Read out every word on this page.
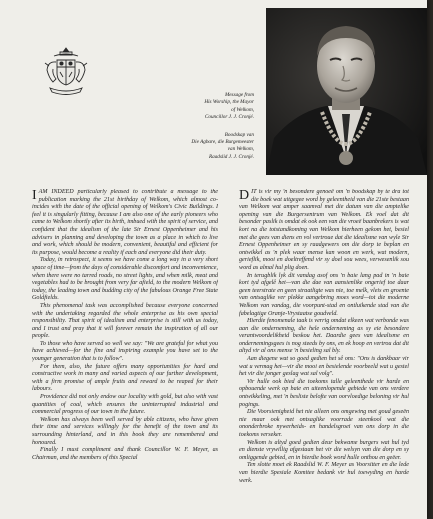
Message from

His Worship, the Mayor

of Welkom,

Councillor J. J. Cronjé.

Boodskap van

Die Agbare, die Burgemeester

van Welkom,

Raadslid J. J. Cronjé.

IAM INDEED particularly pleased to contribute a message to the publication marking the 21st birthday of Welkom, which almost co-incides with the date of the official opening of Welkom's Civic Buildings. I feel it is singularly fitting, because I am also one of the early pioneers who came to Welkom shortly after its birth, imbued with the spirit of service, and confident that the idealism of the late Sir Ernest Oppenheimer and his advisers in planning and developing the town as a place in which to live and work, which should be modern, convenient, beautiful and efficient for its purpose, would become a reality if each and everyone did their duty.

Today, in retrospect, it seems we have come a long way in a very short space of time—from the days of considerable discomfort and inconvenience, when there were no tarred roads, no street lights, and when milk, meat and vegetables had to be brought from very far afield, to the modern Welkom of today, the leading town and budding city of the fabulous Orange Free State Goldfields.

This phenomenal task was accomplished because everyone concerned with the undertaking regarded the whole enterprise as his own special responsibility. That spirit of idealism and enterprise is still with us today, and I trust and pray that it will forever remain the inspiration of all our people.

To those who have served so well we say: "We are grateful for what you have achieved—for the fine and inspiring example you have set to the younger generation that is to follow".

For them, also, the future offers many opportunities for hard and constructive work in many and varied aspects of our further development, with a firm promise of ample fruits and reward to be reaped for their labours.

Providence did not only endow our locality with gold, but also with vast quantities of coal, which ensures the uninterrupted industrial and commercial progress of our town in the future.

Welkom has always been well served by able citizens, who have given their time and services willingly for the benefit of the town and its surrounding hinterland, and in this book they are remembered and honoured.

Finally I must compliment and thank Councillor W. F. Meyer, as Chairman, and the members of this Special

DIT is vir my 'n besondere genoeë om 'n boodskap by te dra tot die boek wat uitgegee word by geleentheid van die 21ste bestaan van Welkom wat amper saamval met die datum van die amptelike opening van die Burgersentrum van Welkom. Ek voel dat dit besonder paslik is omdat ek ook een van die vroeë baanbrekers is wat kort na die totstandkoming van Welkom hierheen gekom het, besiel met die gees van diens en vol vertroue dat die idealisme van wyle Sir Ernest Oppenheimer en sy raadgewers om die dorp te beplan en ontwikkel as 'n plek waar mense kan woon en werk, wat modern, gerieflik, mooi en doeltreffend vir sy doel sou wees, verwesenlik sou word as almal hul plig doen.

In terugblik lyk dit vandag asof ons 'n baie lang pad in 'n baie kort tyd afgelê het—van die dae van aansienlike ongerief toe daar geen teerstrate en geen straatligte was nie, toe melk, vleis en groente van ontsaglike ver plekke aangebring moes word—tot die moderne Welkom van vandag, die voorpunt-stad en ontluikende stad van die fabelagtige Oranje-Vrystaatse goudveld.

Hierdie fenomenale taak is verrig omdat elkeen wat verbonde was aan die onderneming, die hele onderneming as sy eie besondere verantwoordelikheid beskou het. Daardie gees van idealisme en ondernemingsgees is nog steeds by ons, en ek hoop en vertrou dat dit altyd vir al ons mense 'n besieling sal bly.

Aan diegene wat so goed gedien het sê ons: "Ons is dankbaar vir wat u vermag het—vir die mooi en besielende voorbeeld wat u gestel het vir die jonger geslag wat sal volg".

Vir hulle ook bied die toekoms talle geleenthede vir harde en opbouende werk op baie en uiteenlopende gebiede van ons verdere ontwikkeling, met 'n besliste belofte van oorvloedige beloning vir hul pogings.

Die Voorsienigheid het nie alleen ons omgewing met goud geseën nie maar ook met ontsaglike voorrade steenkool wat die ononderbroke nywerheids- en handelsgroei van ons dorp in die toekoms verseker.

Welkom is altyd goed gedien deur bekwame burgers wat hul tyd en dienste vrywillig afgestaan het vir die welsyn van die dorp en sy omliggende gebied, en in hierdie boek word hulle onthou en geëer.

Ten slotte moet ek Raadslid W. F. Meyer as Voorsitter en die lede van hierdie Spesiale Komitee bedank vir hul toewyding en harde werk.
